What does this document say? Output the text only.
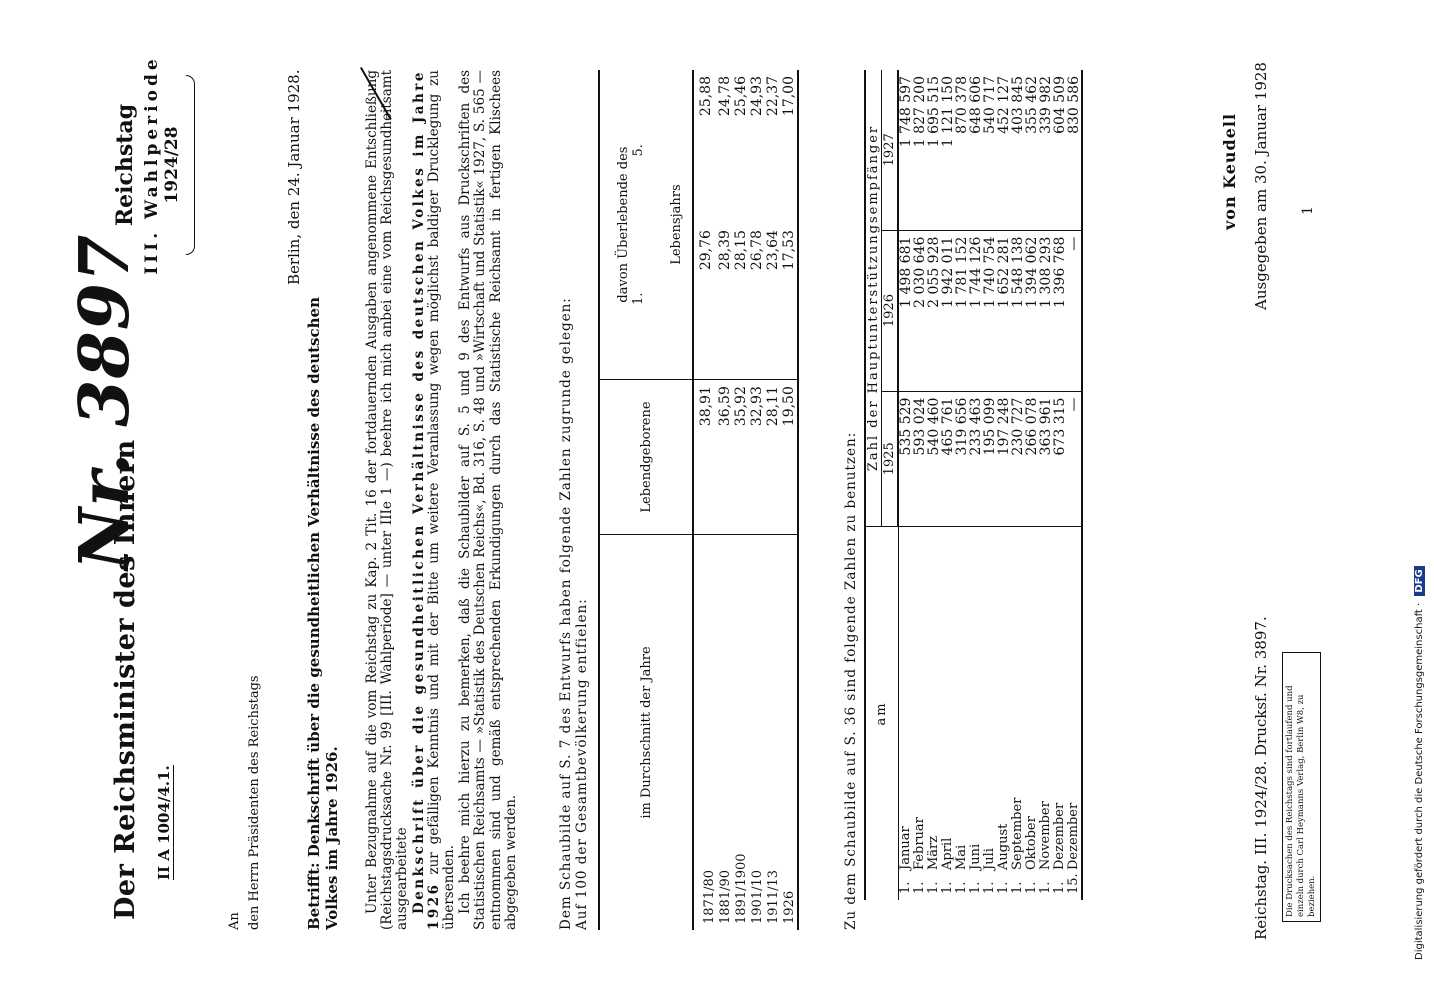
Der Reichsminister des Innern II A 1004/4.1.
Nr. 3897
Reichstag III. Wahlperiode 1924/28	Berlin, den 24. Januar 1928.
An den Herrn Präsidenten des Reichstags	Betrifft: Denkschrift über die gesundheitlichen Verhältnisse des deutschen Volkes im Jahre 1926. Unter Bezugnahme auf die vom Reichstag zu Kap. 2 Tit. 16 der fortdauernden Ausgaben angenommene Entschließung (Reichstagsdrucksache Nr. 99 [III. Wahlperiode] — unter IIIe 1 —) beehre ich mich anbei eine vom Reichsgesundheitsamt ausgearbeitete Denkschrift über die gesundheitlichen Verhältnisse des deutschen Volkes im Jahre 1926 zur gefälligen Kenntnis und mit der Bitte um weitere Veranlassung wegen möglichst baldiger Drucklegung zu übersenden. Ich beehre mich hierzu zu bemerken, daß die Schaubilder auf S. 5 und 9 des Entwurfs aus Druckschriften des Statistischen Reichsamts — »Statistik des Deutschen Reichs«, Bd. 316, S. 48 und »Wirtschaft und Statistik« 1927, S. 565 — entnommen sind und gemäß entsprechenden Erkundigungen durch das Statistische Reichsamt in fertigen Klischees abgegeben werden.	Dem Schaubilde auf S. 7 des Entwurfs haben folgende Zahlen zugrunde gelegen: Auf 100 der Gesamtbevölkerung entfielen:	im Durchschnitt der Jahre	Lebendgeborene	davon Überlebende des 1.
5.	

		Lebensjahrs	
1871/80	38,91	29,76	25,88
1881/90	36,59	28,39	24,78
1891/1900	35,92	28,15	25,46
1901/10	32,93	26,78	24,93
1911/13	28,11	23,64	22,37
1926	19,50	17,53	17,00
Zu dem Schaubilde auf S. 36 sind folgende Zahlen zu benutzen: am	Zahl der Hauptunterstützungsempfänger		
	1925	1926	1927
1.Januar	535 529	1 498 681	1 748 597
1.Februar	593 024	2 030 646	1 827 200
1.März	540 460	2 055 928	1 695 515
1.April	465 761	1 942 011	1 121 150
1.Mai	319 656	1 781 152	870 378
1.Juni	233 463	1 744 126	648 606
1.Juli	195 099	1 740 754	540 717
1.August	197 248	1 652 281	452 127
1.September	230 727	1 548 138	403 845
1.Oktober	266 078	1 394 062	355 462
1.November	363 961	1 308 293	339 982
1.Dezember	673 315	1 396 768	604 509
15.Dezember	—	—	830 586
von Keudell Ausgegeben am 30. Januar 1928
Reichstag. III. 1924/28. Drucksf. Nr. 3897.	Die Drucksachen des Reichstags sind fortlaufend und einzeln durch Carl Heymanns Verlag, Berlin W8, zu beziehen.
1
Digitalisierung gefördert durch die Deutsche Forschungsgemeinschaft · DFG
